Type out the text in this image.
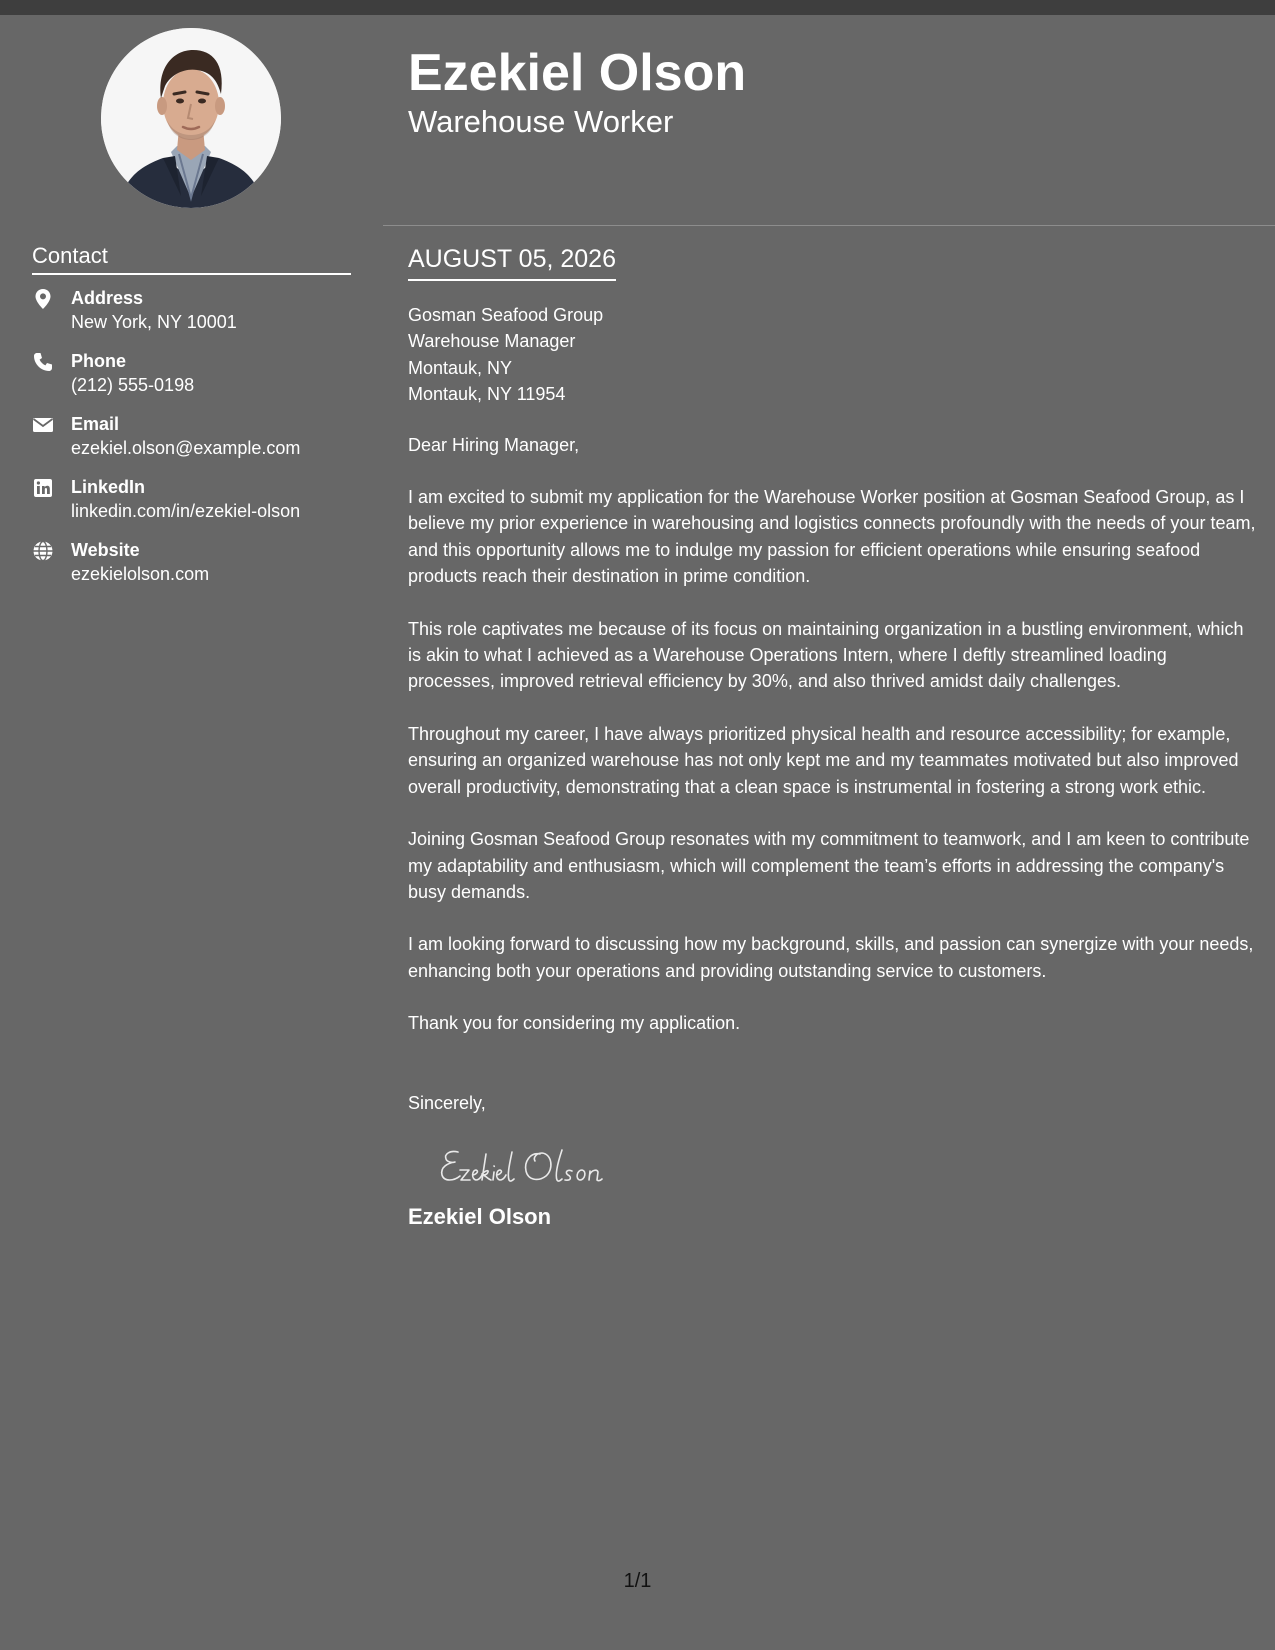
Contact
Address
New York, NY 10001
Phone
(212) 555-0198
Email
ezekiel.olson@example.com
LinkedIn
linkedin.com/in/ezekiel-olson
Website
ezekielolson.com
Ezekiel Olson
Warehouse Worker
AUGUST 05, 2026

Gosman Seafood Group

Warehouse Manager

Montauk, NY

Montauk, NY 11954

Dear Hiring Manager,

I am excited to submit my application for the Warehouse Worker position at Gosman Seafood Group, as I believe my prior experience in warehousing and logistics connects profoundly with the needs of your team, and this opportunity allows me to indulge my passion for efficient operations while ensuring seafood products reach their destination in prime condition.

This role captivates me because of its focus on maintaining organization in a bustling environment, which is akin to what I achieved as a Warehouse Operations Intern, where I deftly streamlined loading processes, improved retrieval efficiency by 30%, and also thrived amidst daily challenges.

Throughout my career, I have always prioritized physical health and resource accessibility; for example, ensuring an organized warehouse has not only kept me and my teammates motivated but also improved overall productivity, demonstrating that a clean space is instrumental in fostering a strong work ethic.

Joining Gosman Seafood Group resonates with my commitment to teamwork, and I am keen to contribute my adaptability and enthusiasm, which will complement the team’s efforts in addressing the company's busy demands.

I am looking forward to discussing how my background, skills, and passion can synergize with your needs, enhancing both your operations and providing outstanding service to customers.

Thank you for considering my application.

Sincerely,

Ezekiel Olson
1/1
